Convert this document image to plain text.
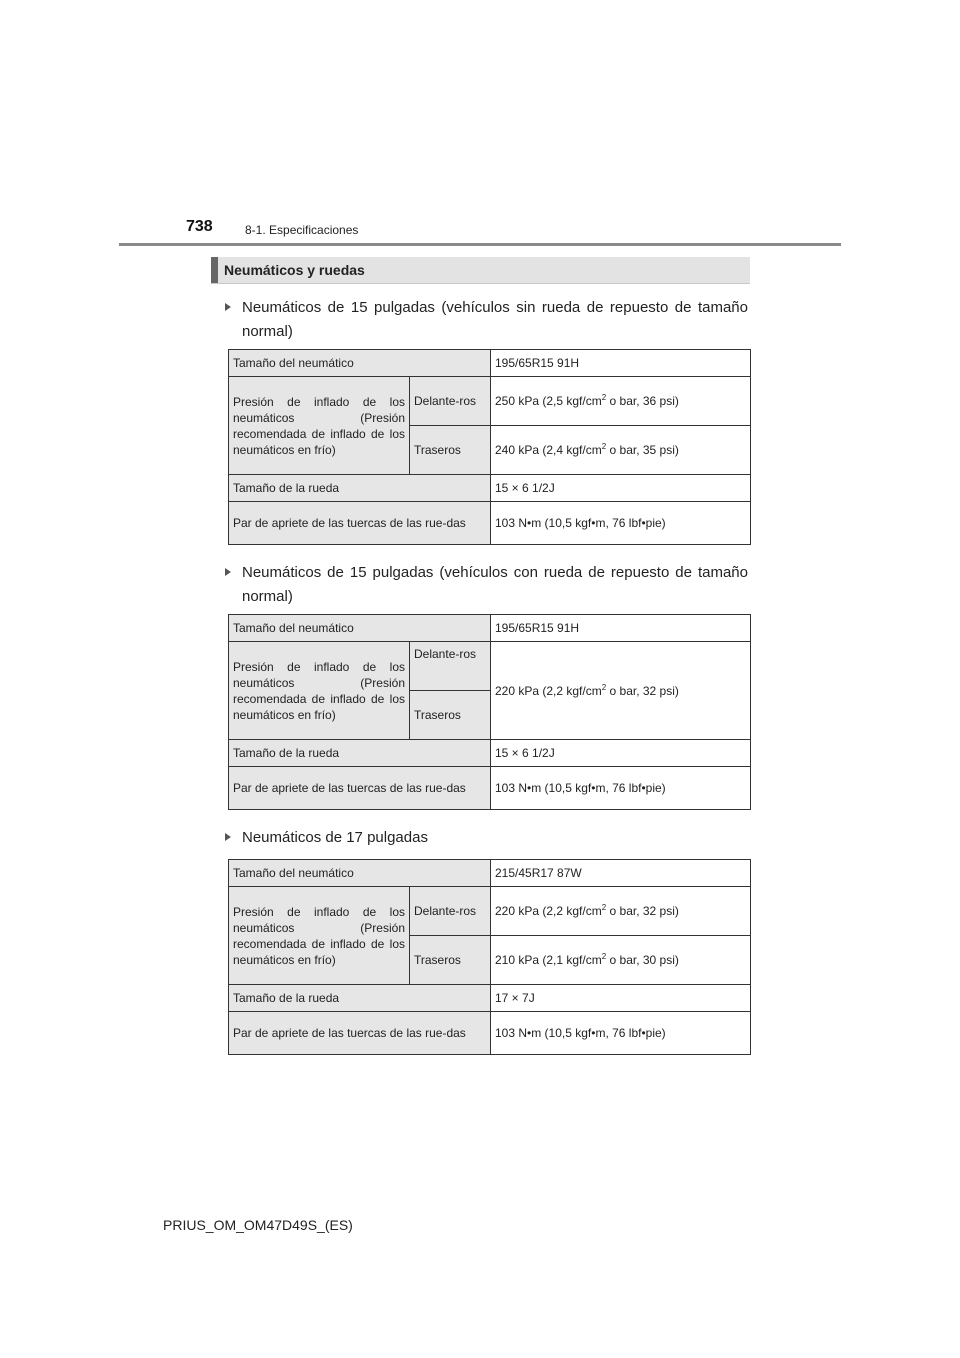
738	8-1. Especificaciones
Neumáticos y ruedas
Neumáticos de 15 pulgadas (vehículos sin rueda de repuesto de tamaño normal)
Tamaño del neumático		195/65R15 91H
Presión de inflado de los neumáticos (Presión recomendada de inflado de los neumáticos en frío)	Delante-ros	250 kPa (2,5 kgf/$cm^2$ o bar, 36 psi)
	Traseros	240 kPa (2,4 kgf/$cm^2$ o bar, 35 psi)
Tamaño de la rueda		15 × 6 1/2J
Par de apriete de las tuercas de las rue-das		103 N•m (10,5 kgf•m, 76 lbf•pie)
Neumáticos de 15 pulgadas (vehículos con rueda de repuesto de tamaño normal)
Tamaño del neumático		195/65R15 91H
Presión de inflado de los neumáticos (Presión recomendada de inflado de los neumáticos en frío)	Delante-ros	220 kPa (2,2 kgf/$cm^2$ o bar, 32 psi)
	Traseros	
Tamaño de la rueda		15 × 6 1/2J
Par de apriete de las tuercas de las rue-das		103 N•m (10,5 kgf•m, 76 lbf•pie)
Neumáticos de 17 pulgadas
Tamaño del neumático		215/45R17 87W
Presión de inflado de los neumáticos (Presión recomendada de inflado de los neumáticos en frío)	Delante-ros	220 kPa (2,2 kgf/$cm^2$ o bar, 32 psi)
	Traseros	210 kPa (2,1 kgf/$cm^2$ o bar, 30 psi)
Tamaño de la rueda		17 × 7J
Par de apriete de las tuercas de las rue-das		103 N•m (10,5 kgf•m, 76 lbf•pie)
PRIUS_OM_OM47D49S_(ES)
